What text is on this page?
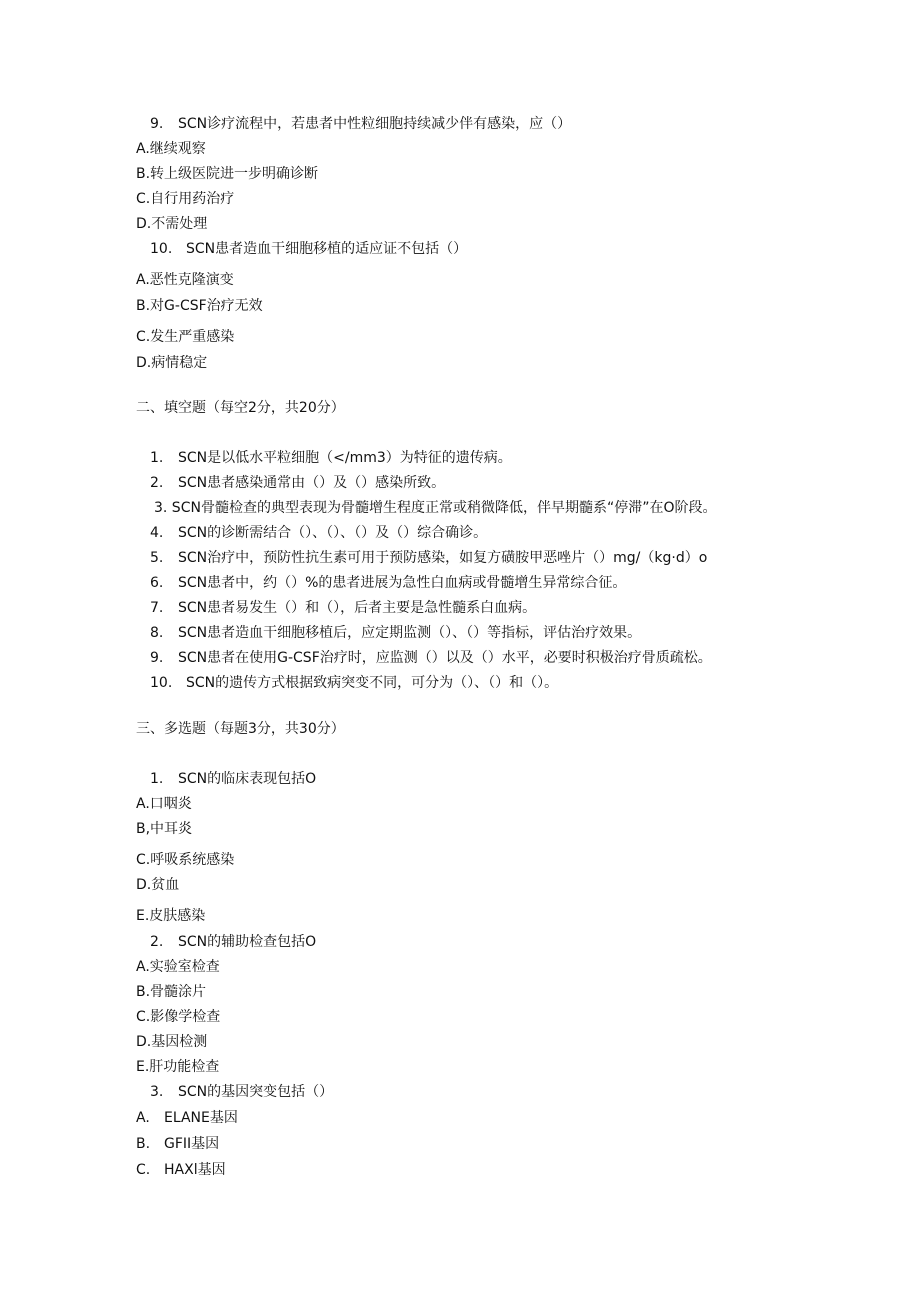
9. SCN诊疗流程中，若患者中性粒细胞持续减少伴有感染，应（）
A.继续观察
B.转上级医院进一步明确诊断
C.自行用药治疗
D.不需处理
10. SCN患者造血干细胞移植的适应证不包括（）
A.恶性克隆演变
B.对G-CSF治疗无效
C.发生严重感染
D.病情稳定
二、填空题（每空2分，共20分）
1. SCN是以低水平粒细胞（</mm3）为特征的遗传病。
2. SCN患者感染通常由（）及（）感染所致。
3. SCN骨髓检查的典型表现为骨髓增生程度正常或稍微降低，伴早期髓系“停滞”在O阶段。
4. SCN的诊断需结合（）、（）、（）及（）综合确诊。
5. SCN治疗中，预防性抗生素可用于预防感染，如复方磺胺甲恶唑片（）mg/（kg·d）o
6. SCN患者中，约（）%的患者进展为急性白血病或骨髓增生异常综合征。
7. SCN患者易发生（）和（），后者主要是急性髓系白血病。
8. SCN患者造血干细胞移植后，应定期监测（）、（）等指标，评估治疗效果。
9. SCN患者在使用G-CSF治疗时，应监测（）以及（）水平，必要时积极治疗骨质疏松。
10. SCN的遗传方式根据致病突变不同，可分为（）、（）和（）。
三、多选题（每题3分，共30分）
1. SCN的临床表现包括O
A.口咽炎
B,中耳炎
C.呼吸系统感染
D.贫血
E.皮肤感染
2. SCN的辅助检查包括O
A.实验室检查
B.骨髓涂片
C.影像学检查
D.基因检测
E.肝功能检查
3. SCN的基因突变包括（）
A. ELANE基因
B. GFII基因
C. HAXl基因
